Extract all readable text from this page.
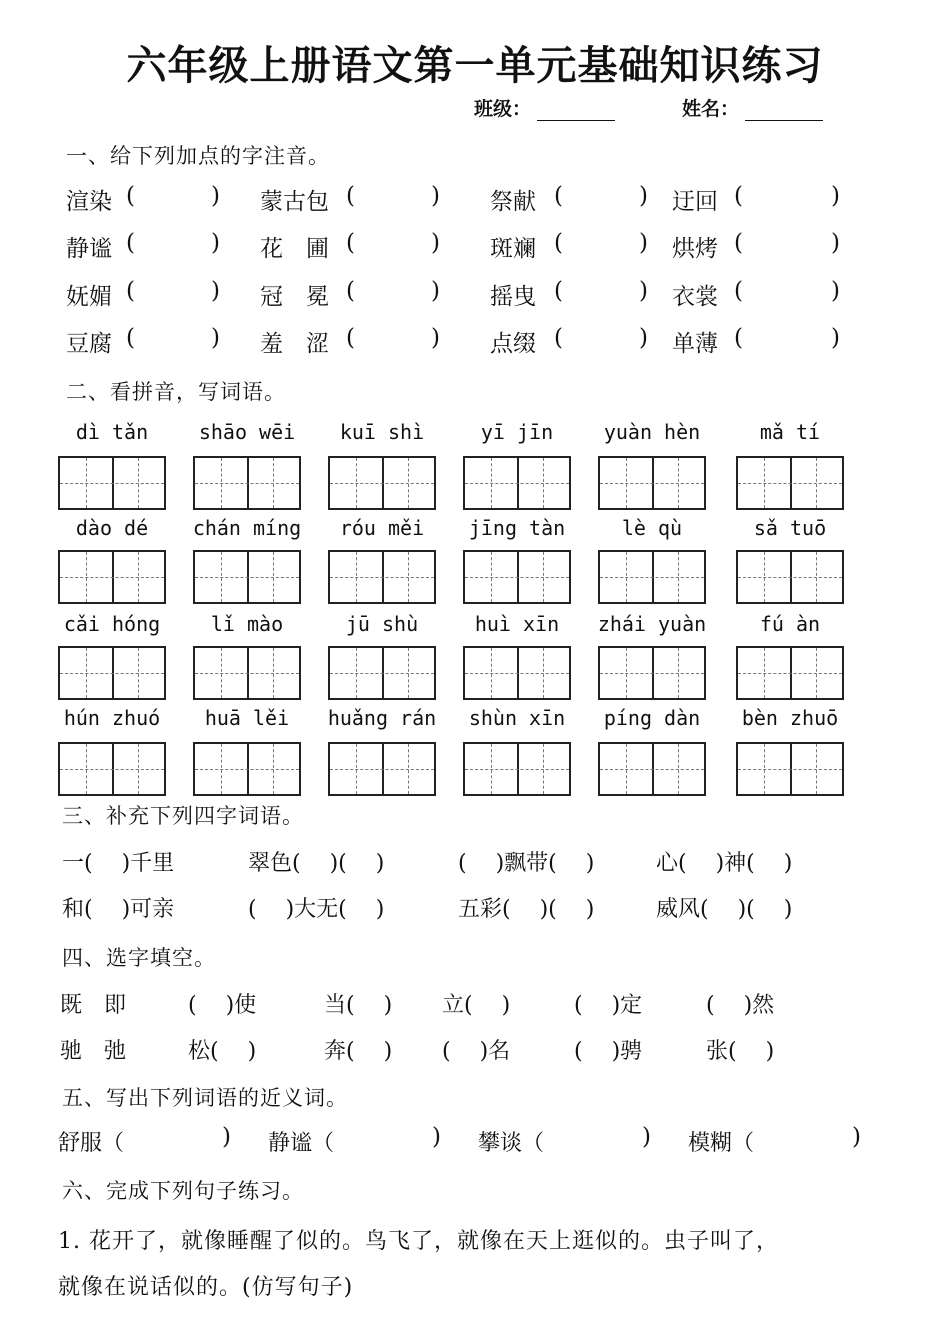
六年级上册语文第一单元基础知识练习
班级：	姓名：
一、给下列加点的字注音。
渲染 (	) 蒙古包 (	) 祭献 (	) 迂回 (	)
静谧 (	) 花　圃 (	) 斑斓 (	) 烘烤 (	)
妩媚 (	) 冠　冕 (	) 摇曳 (	) 衣裳 (	)
豆腐 (	) 羞　涩 (	) 点缀 (	) 单薄 (	)
二、看拼音，写词语。
dì tǎn	shāo wēi	kuī shì	yī jīn	yuàn hèn	mǎ tí
dào dé	chán míng	róu měi	jīng tàn	lè qù	sǎ tuō
cǎi hóng	lǐ mào	jū shù	huì xīn	zhái yuàn	fú àn
hún zhuó	huā lěi	huǎng rán	shùn xīn	píng dàn	bèn zhuō
三、补充下列四字词语。
一(　 )千里	翠色(　 )(　 )	(　 )飘带(　 )	心(　 )神(　 )
和(　 )可亲	(　 )大无(　 )	五彩(　 )(　 )	威风(　 )(　 )
四、选字填空。
既　即	(　 )使	当(　 ) 立(　 )	(　 )定	(　 )然
驰　弛	松(　 )	奔(　 ) (　 )名	(　 )骋	张(　 )
五、写出下列词语的近义词。
舒服（	) 静谧（	) 攀谈（	) 模糊（	)
六、完成下列句子练习。
1. 花开了，就像睡醒了似的。鸟飞了，就像在天上逛似的。虫子叫了，
就像在说话似的。(仿写句子)
